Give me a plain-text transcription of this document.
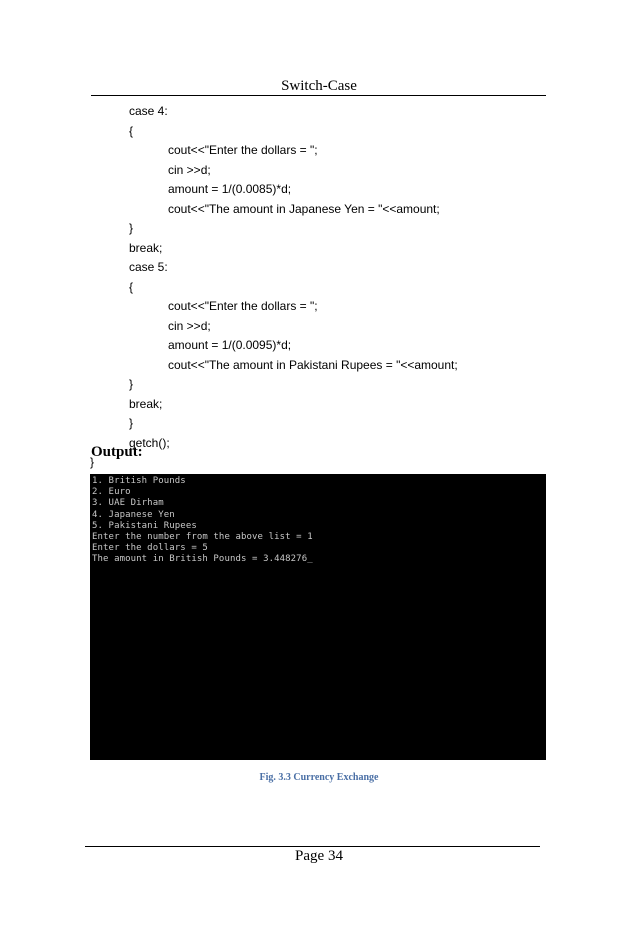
Switch-Case
case 4:
{
cout<<"Enter the dollars = ";
cin >>d;
amount = 1/(0.0085)*d;
cout<<"The amount in Japanese Yen = "<<amount;
}
break;
case 5:
{
cout<<"Enter the dollars = ";
cin >>d;
amount = 1/(0.0095)*d;
cout<<"The amount in Pakistani Rupees = "<<amount;
}
break;
}
getch();
}
Output:
1. British Pounds
2. Euro
3. UAE Dirham
4. Japanese Yen
5. Pakistani Rupees
Enter the number from the above list = 1
Enter the dollars = 5
The amount in British Pounds = 3.448276_
Fig. 3.3 Currency Exchange
Page 34
